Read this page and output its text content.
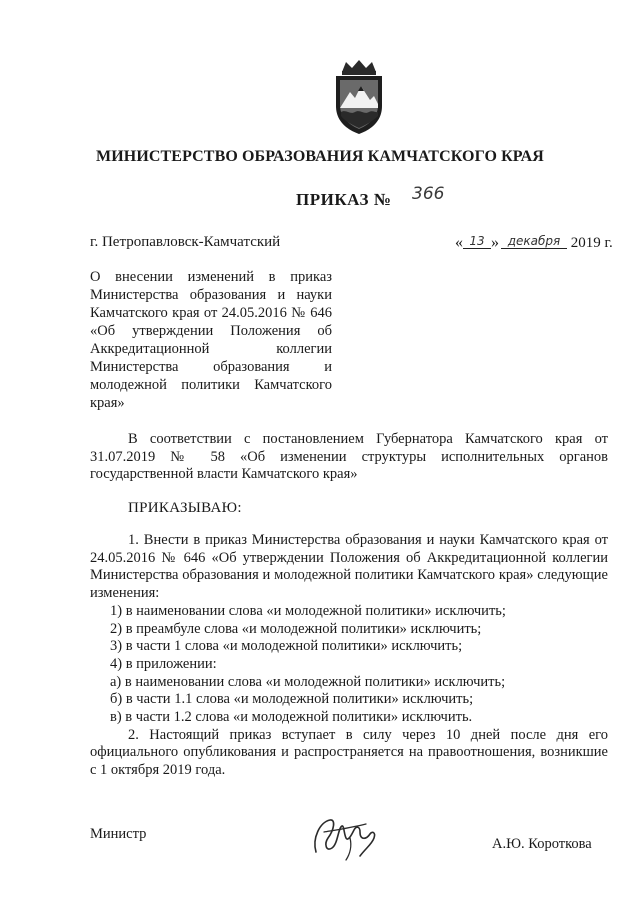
МИНИСТЕРСТВО ОБРАЗОВАНИЯ КАМЧАТСКОГО КРАЯ
ПРИКАЗ № 366
г. Петропавловск-Камчатский	« 13 » декабря 2019 г.
О внесении изменений в приказ Министерства образования и науки Камчатского края от 24.05.2016 № 646 «Об утверждении Положения об Аккредитационной коллегии Министерства образования и молодежной политики Камчатского края»
В соответствии с постановлением Губернатора Камчатского края от 31.07.2019 № 58 «Об изменении структуры исполнительных органов государственной власти Камчатского края»
ПРИКАЗЫВАЮ:

1. Внести в приказ Министерства образования и науки Камчатского края от 24.05.2016 № 646 «Об утверждении Положения об Аккредитационной коллегии Министерства образования и молодежной политики Камчатского края» следующие изменения:

1) в наименовании слова «и молодежной политики» исключить;

2) в преамбуле слова «и молодежной политики» исключить;

3) в части 1 слова «и молодежной политики» исключить;

4) в приложении:

а) в наименовании слова «и молодежной политики» исключить;

б) в части 1.1 слова «и молодежной политики» исключить;

в) в части 1.2 слова «и молодежной политики» исключить.

2. Настоящий приказ вступает в силу через 10 дней после дня его официального опубликования и распространяется на правоотношения, возникшие с 1 октября 2019 года.

Министр
А.Ю. Короткова
